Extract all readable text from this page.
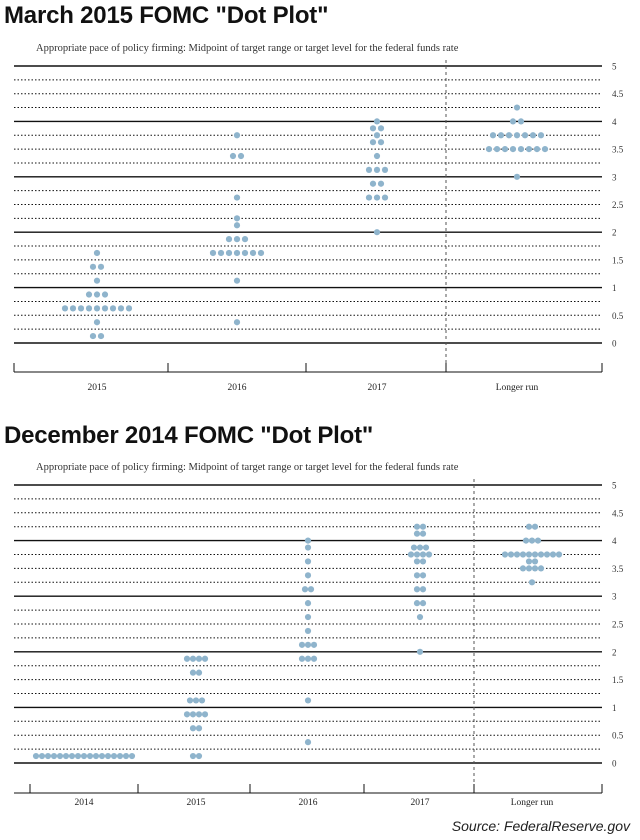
March 2015 FOMC "Dot Plot"
Appropriate pace of policy firming: Midpoint of target range or target level for the federal funds rate
0
0.5
1
1.5
2
2.5
3
3.5
4
4.5
5
2015	2016	2017	Longer run
December 2014 FOMC "Dot Plot"
Appropriate pace of policy firming: Midpoint of target range or target level for the federal funds rate
0
0.5
1
1.5
2
2.5
3
3.5
4
4.5
5
2014	2015	2016	2017	Longer run
Source: FederalReserve.gov
